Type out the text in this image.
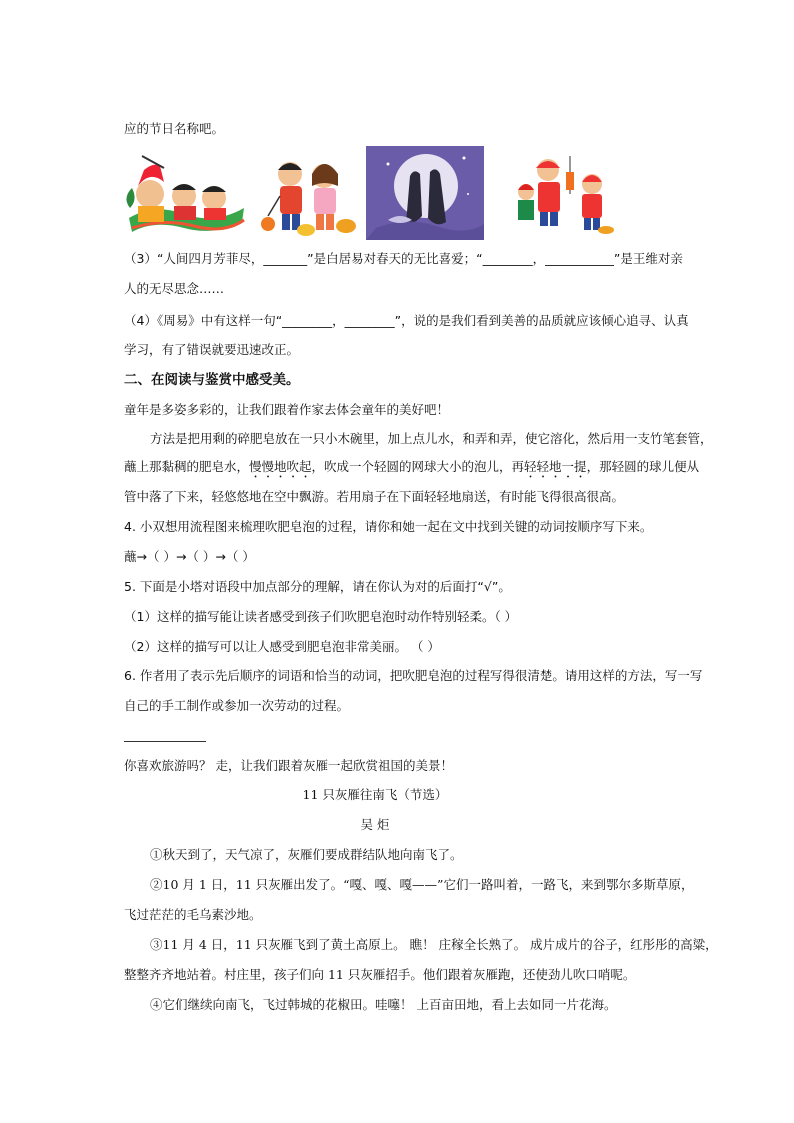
应的节日名称吧。
（3）“人间四月芳菲尽，_______”是白居易对春天的无比喜爱；“________，___________”是王维对亲
人的无尽思念……
（4）《周易》中有这样一句“________，________”，说的是我们看到美善的品质就应该倾心追寻、认真
学习，有了错误就要迅速改正。
二、在阅读与鉴赏中感受美。
童年是多姿多彩的，让我们跟着作家去体会童年的美好吧！
方法是把用剩的碎肥皂放在一只小木碗里，加上点儿水，和弄和弄，使它溶化，然后用一支竹笔套管，
蘸上那黏稠的肥皂水，慢慢地吹起，吹成一个轻圆的网球大小的泡儿，再轻轻地一提，那轻圆的球儿便从
管中落了下来，轻悠悠地在空中飘游。若用扇子在下面轻轻地扇送，有时能飞得很高很高。
4. 小双想用流程图来梳理吹肥皂泡的过程，请你和她一起在文中找到关键的动词按顺序写下来。
蘸→（ ）→（ ）→（ ）
5. 下面是小塔对语段中加点部分的理解，请在你认为对的后面打“√”。
（1）这样的描写能让读者感受到孩子们吹肥皂泡时动作特别轻柔。（ ）
（2）这样的描写可以让人感受到肥皂泡非常美丽。 （ ）
6. 作者用了表示先后顺序的词语和恰当的动词，把吹肥皂泡的过程写得很清楚。请用这样的方法，写一写
自己的手工制作或参加一次劳动的过程。
你喜欢旅游吗？ 走，让我们跟着灰雁一起欣赏祖国的美景！
11 只灰雁往南飞（节选）
吴 炬
①秋天到了，天气凉了，灰雁们要成群结队地向南飞了。
②10 月 1 日，11 只灰雁出发了。“嘎、嘎、嘎——”它们一路叫着，一路飞，来到鄂尔多斯草原，
飞过茫茫的毛乌素沙地。
③11 月 4 日，11 只灰雁飞到了黄土高原上。 瞧！ 庄稼全长熟了。 成片成片的谷子，红彤彤的高粱，
整整齐齐地站着。村庄里，孩子们向 11 只灰雁招手。他们跟着灰雁跑，还使劲儿吹口哨呢。
④它们继续向南飞，飞过韩城的花椒田。哇噻！ 上百亩田地，看上去如同一片花海。
